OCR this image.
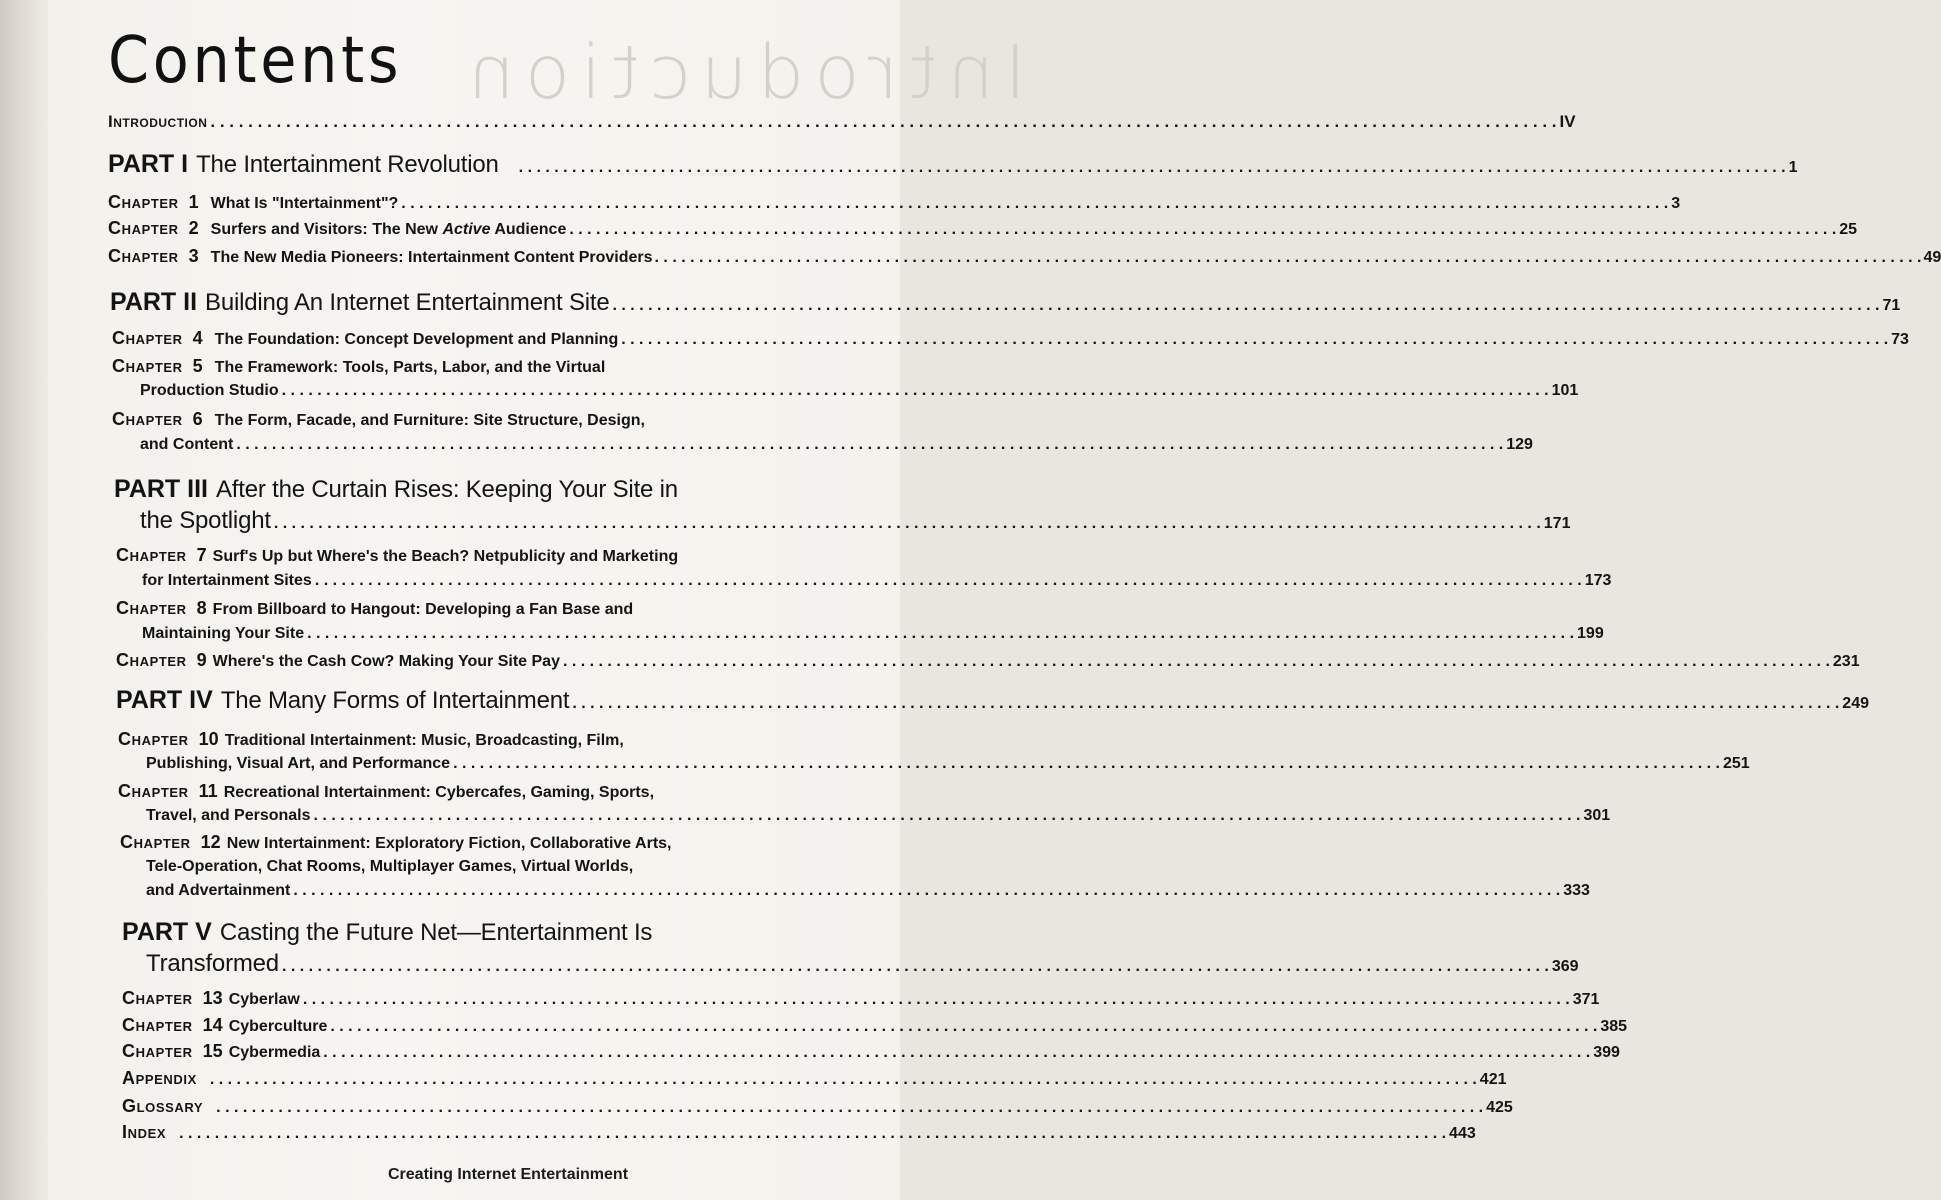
Introduction
Contents
Introduction . . .	IV
PART I The Intertainment Revolution . . .	1
Chapter 1 What Is "Intertainment"? . . .	3
Chapter 2 Surfers and Visitors: The New Active Audience . . .	25
Chapter 3 The New Media Pioneers: Intertainment Content Providers . . .	49
PART II Building An Internet Entertainment Site . . .	71
Chapter 4 The Foundation: Concept Development and Planning . . .	73
Chapter 5 The Framework: Tools, Parts, Labor, and the Virtual
Production Studio . . .	101
Chapter 6 The Form, Facade, and Furniture: Site Structure, Design,
and Content . . .	129
PART III After the Curtain Rises: Keeping Your Site in
the Spotlight . . .	171
Chapter 7 Surf's Up but Where's the Beach? Netpublicity and Marketing
for Intertainment Sites . . .	173
Chapter 8 From Billboard to Hangout: Developing a Fan Base and
Maintaining Your Site . . .	199
Chapter 9 Where's the Cash Cow? Making Your Site Pay . . .	231
PART IV The Many Forms of Intertainment . . .	249
Chapter 10 Traditional Intertainment: Music, Broadcasting, Film,
Publishing, Visual Art, and Performance . . .	251
Chapter 11 Recreational Intertainment: Cybercafes, Gaming, Sports,
Travel, and Personals . . .	301
Chapter 12 New Intertainment: Exploratory Fiction, Collaborative Arts,
Tele-Operation, Chat Rooms, Multiplayer Games, Virtual Worlds,
and Advertainment . . .	333
PART V Casting the Future Net—Entertainment Is
Transformed . . .	369
Chapter 13 Cyberlaw . . .	371
Chapter 14 Cyberculture . . .	385
Chapter 15 Cybermedia . . .	399
Appendix . . .	421
Glossary . . .	425
Index . . .	443
Creating Internet Entertainment
